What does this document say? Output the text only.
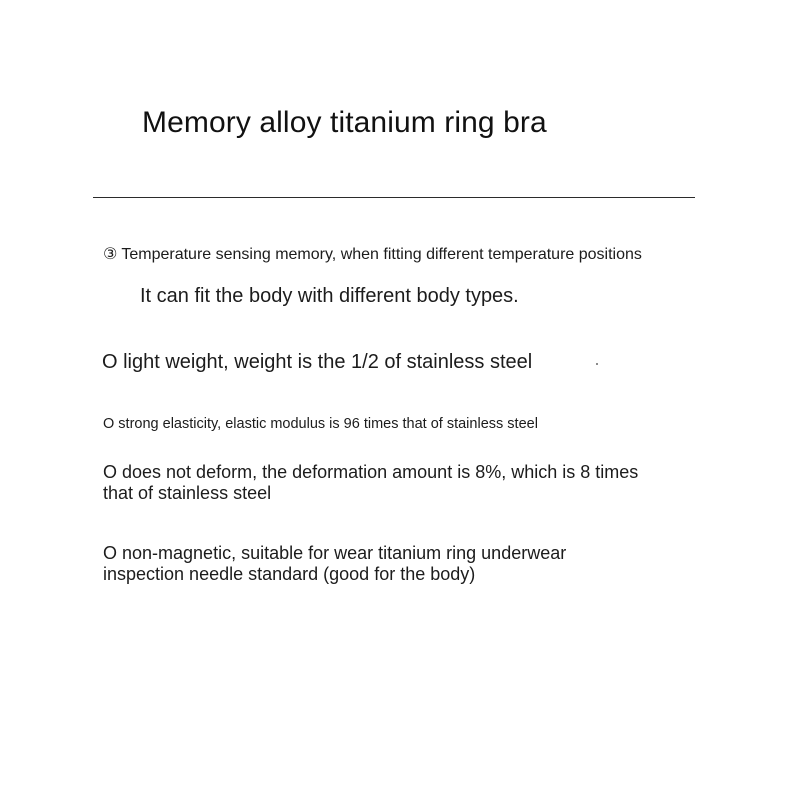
Memory alloy titanium ring bra
③ Temperature sensing memory, when fitting different temperature positions
It can fit the body with different body types.
O light weight, weight is the 1/2 of stainless steel
O strong elasticity, elastic modulus is 96 times that of stainless steel
O does not deform, the deformation amount is 8%, which is 8 times
that of stainless steel
O non-magnetic, suitable for wear titanium ring underwear
inspection needle standard (good for the body)
